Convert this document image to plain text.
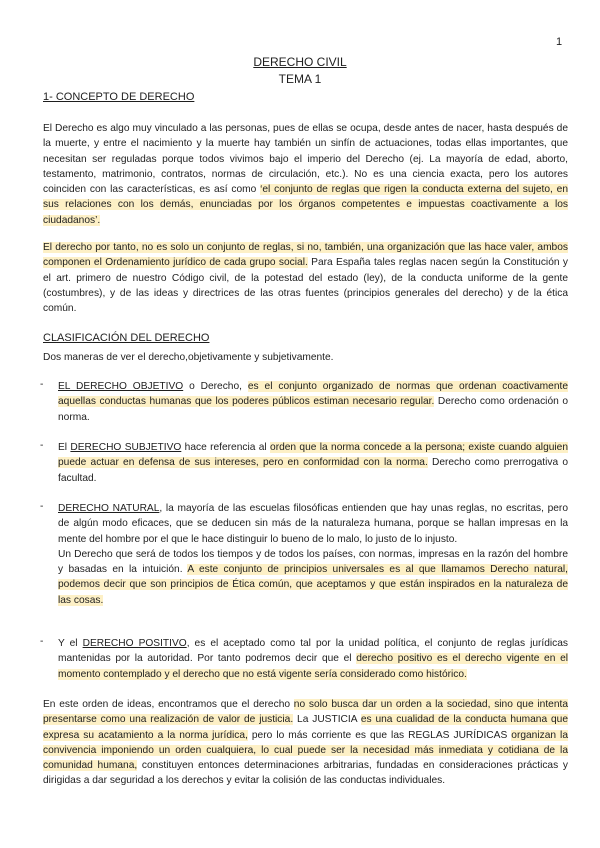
1
DERECHO CIVIL
TEMA 1
1- CONCEPTO DE DERECHO
El Derecho es algo muy vinculado a las personas, pues de ellas se ocupa, desde antes de nacer, hasta después de la muerte, y entre el nacimiento y la muerte hay también un sinfín de actuaciones, todas ellas importantes, que necesitan ser reguladas porque todos vivimos bajo el imperio del Derecho (ej. La mayoría de edad, aborto, testamento, matrimonio, contratos, normas de circulación, etc.). No es una ciencia exacta, pero los autores coinciden con las características, es así como ‘el conjunto de reglas que rigen la conducta externa del sujeto, en sus relaciones con los demás, enunciadas por los órganos competentes e impuestas coactivamente a los ciudadanos’.
El derecho por tanto, no es solo un conjunto de reglas, si no, también, una organización que las hace valer, ambos componen el Ordenamiento jurídico de cada grupo social. Para España tales reglas nacen según la Constitución y el art. primero de nuestro Código civil, de la potestad del estado (ley), de la conducta uniforme de la gente (costumbres), y de las ideas y directrices de las otras fuentes (principios generales del derecho) y de la ética común.
CLASIFICACIÓN DEL DERECHO
Dos maneras de ver el derecho,objetivamente y subjetivamente.
- EL DERECHO OBJETIVO o Derecho, es el conjunto organizado de normas que ordenan coactivamente aquellas conductas humanas que los poderes públicos estiman necesario regular. Derecho como ordenación o norma.
- El DERECHO SUBJETIVO hace referencia al orden que la norma concede a la persona; existe cuando alguien puede actuar en defensa de sus intereses, pero en conformidad con la norma. Derecho como prerrogativa o facultad.
- DERECHO NATURAL, la mayoría de las escuelas filosóficas entienden que hay unas reglas, no escritas, pero de algún modo eficaces, que se deducen sin más de la naturaleza humana, porque se hallan impresas en la mente del hombre por el que le hace distinguir lo bueno de lo malo, lo justo de lo injusto.
Un Derecho que será de todos los tiempos y de todos los países, con normas, impresas en la razón del hombre y basadas en la intuición. A este conjunto de principios universales es al que llamamos Derecho natural, podemos decir que son principios de Ética común, que aceptamos y que están inspirados en la naturaleza de las cosas.
- Y el DERECHO POSITIVO, es el aceptado como tal por la unidad política, el conjunto de reglas jurídicas mantenidas por la autoridad. Por tanto podremos decir que el derecho positivo es el derecho vigente en el momento contemplado y el derecho que no está vigente sería considerado como histórico.
En este orden de ideas, encontramos que el derecho no solo busca dar un orden a la sociedad, sino que intenta presentarse como una realización de valor de justicia. La JUSTICIA es una cualidad de la conducta humana que expresa su acatamiento a la norma jurídica, pero lo más corriente es que las REGLAS JURÍDICAS organizan la convivencia imponiendo un orden cualquiera, lo cual puede ser la necesidad más inmediata y cotidiana de la comunidad humana, constituyen entonces determinaciones arbitrarias, fundadas en consideraciones prácticas y dirigidas a dar seguridad a los derechos y evitar la colisión de las conductas individuales.
